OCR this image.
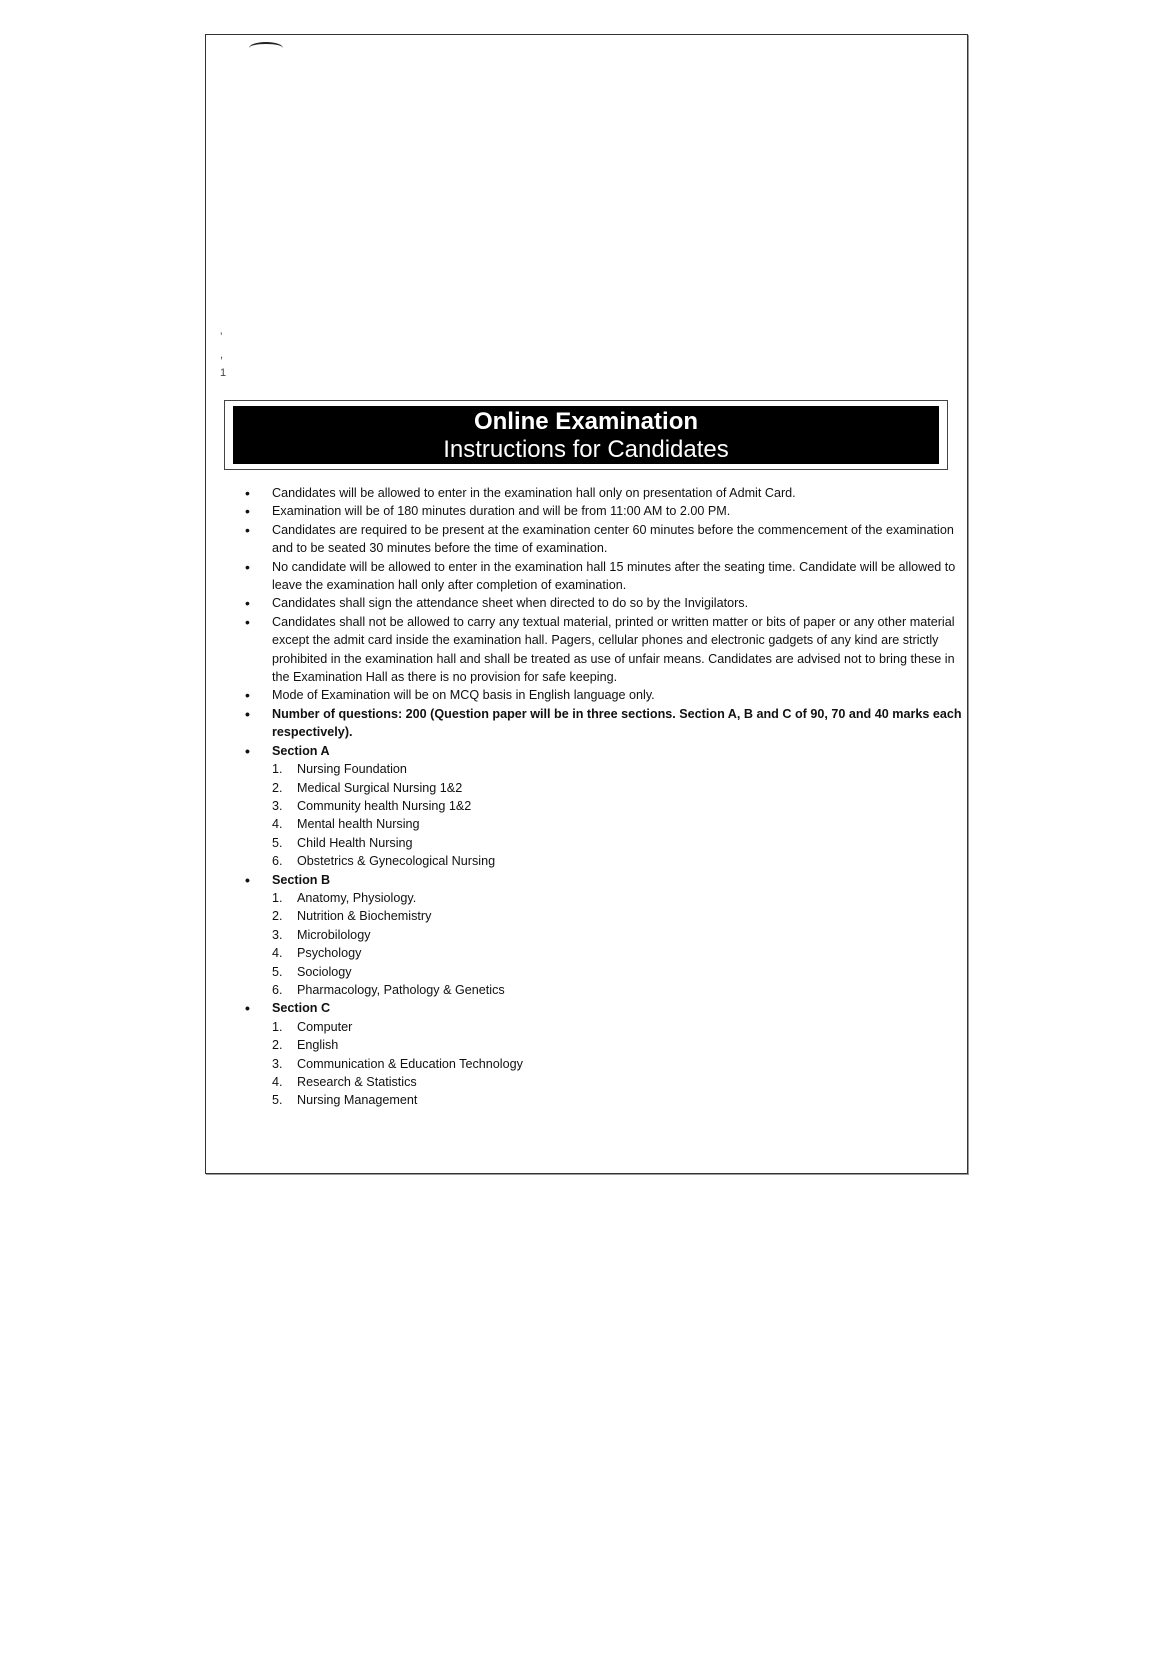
’
,
1
Online Examination
Instructions for Candidates
• Candidates will be allowed to enter in the examination hall only on presentation of Admit Card.
• Examination will be of 180 minutes duration and will be from 11:00 AM to 2.00 PM.
• Candidates are required to be present at the examination center 60 minutes before the commencement of the examination and to be seated 30 minutes before the time of examination.
• No candidate will be allowed to enter in the examination hall 15 minutes after the seating time. Candidate will be allowed to leave the examination hall only after completion of examination.
• Candidates shall sign the attendance sheet when directed to do so by the Invigilators.
• Candidates shall not be allowed to carry any textual material, printed or written matter or bits of paper or any other material except the admit card inside the examination hall. Pagers, cellular phones and electronic gadgets of any kind are strictly prohibited in the examination hall and shall be treated as use of unfair means. Candidates are advised not to bring these in the Examination Hall as there is no provision for safe keeping.
• Mode of Examination will be on MCQ basis in English language only.
• Number of questions: 200 (Question paper will be in three sections. Section A, B and C of 90, 70 and 40 marks each respectively).
• Section A
1. Nursing Foundation
2. Medical Surgical Nursing 1&2
3. Community health Nursing 1&2
4. Mental health Nursing
5. Child Health Nursing
6. Obstetrics & Gynecological Nursing
• Section B
1. Anatomy, Physiology.
2. Nutrition & Biochemistry
3. Microbilology
4. Psychology
5. Sociology
6. Pharmacology, Pathology & Genetics
• Section C
1. Computer
2. English
3. Communication & Education Technology
4. Research & Statistics
5. Nursing Management
